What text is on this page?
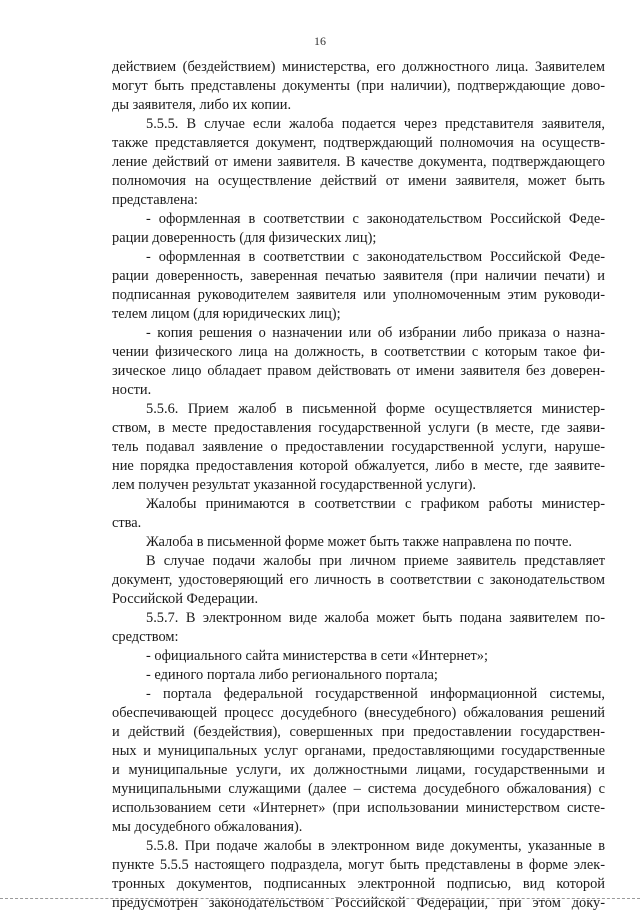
16
действием (бездействием) министерства, его должностного лица. Заявителем
могут быть представлены документы (при наличии), подтверждающие дово-
ды заявителя, либо их копии.
5.5.5. В случае если жалоба подается через представителя заявителя,
также представляется документ, подтверждающий полномочия на осуществ-
ление действий от имени заявителя. В качестве документа, подтверждающего
полномочия на осуществление действий от имени заявителя, может быть
представлена:
- оформленная в соответствии с законодательством Российской Феде-
рации доверенность (для физических лиц);
- оформленная в соответствии с законодательством Российской Феде-
рации доверенность, заверенная печатью заявителя (при наличии печати) и
подписанная руководителем заявителя или уполномоченным этим руководи-
телем лицом (для юридических лиц);
- копия решения о назначении или об избрании либо приказа о назна-
чении физического лица на должность, в соответствии с которым такое фи-
зическое лицо обладает правом действовать от имени заявителя без доверен-
ности.
5.5.6. Прием жалоб в письменной форме осуществляется министер-
ством, в месте предоставления государственной услуги (в месте, где заяви-
тель подавал заявление о предоставлении государственной услуги, наруше-
ние порядка предоставления которой обжалуется, либо в месте, где заявите-
лем получен результат указанной государственной услуги).
Жалобы принимаются в соответствии с графиком работы министер-
ства.
Жалоба в письменной форме может быть также направлена по почте.
В случае подачи жалобы при личном приеме заявитель представляет
документ, удостоверяющий его личность в соответствии с законодательством
Российской Федерации.
5.5.7. В электронном виде жалоба может быть подана заявителем по-
средством:
- официального сайта министерства в сети «Интернет»;
- единого портала либо регионального портала;
- портала федеральной государственной информационной системы,
обеспечивающей процесс досудебного (внесудебного) обжалования решений
и действий (бездействия), совершенных при предоставлении государствен-
ных и муниципальных услуг органами, предоставляющими государственные
и муниципальные услуги, их должностными лицами, государственными и
муниципальными служащими (далее – система досудебного обжалования) с
использованием сети «Интернет» (при использовании министерством систе-
мы досудебного обжалования).
5.5.8. При подаче жалобы в электронном виде документы, указанные в
пункте 5.5.5 настоящего подраздела, могут быть представлены в форме элек-
тронных документов, подписанных электронной подписью, вид которой
предусмотрен законодательством Российской Федерации, при этом доку-
